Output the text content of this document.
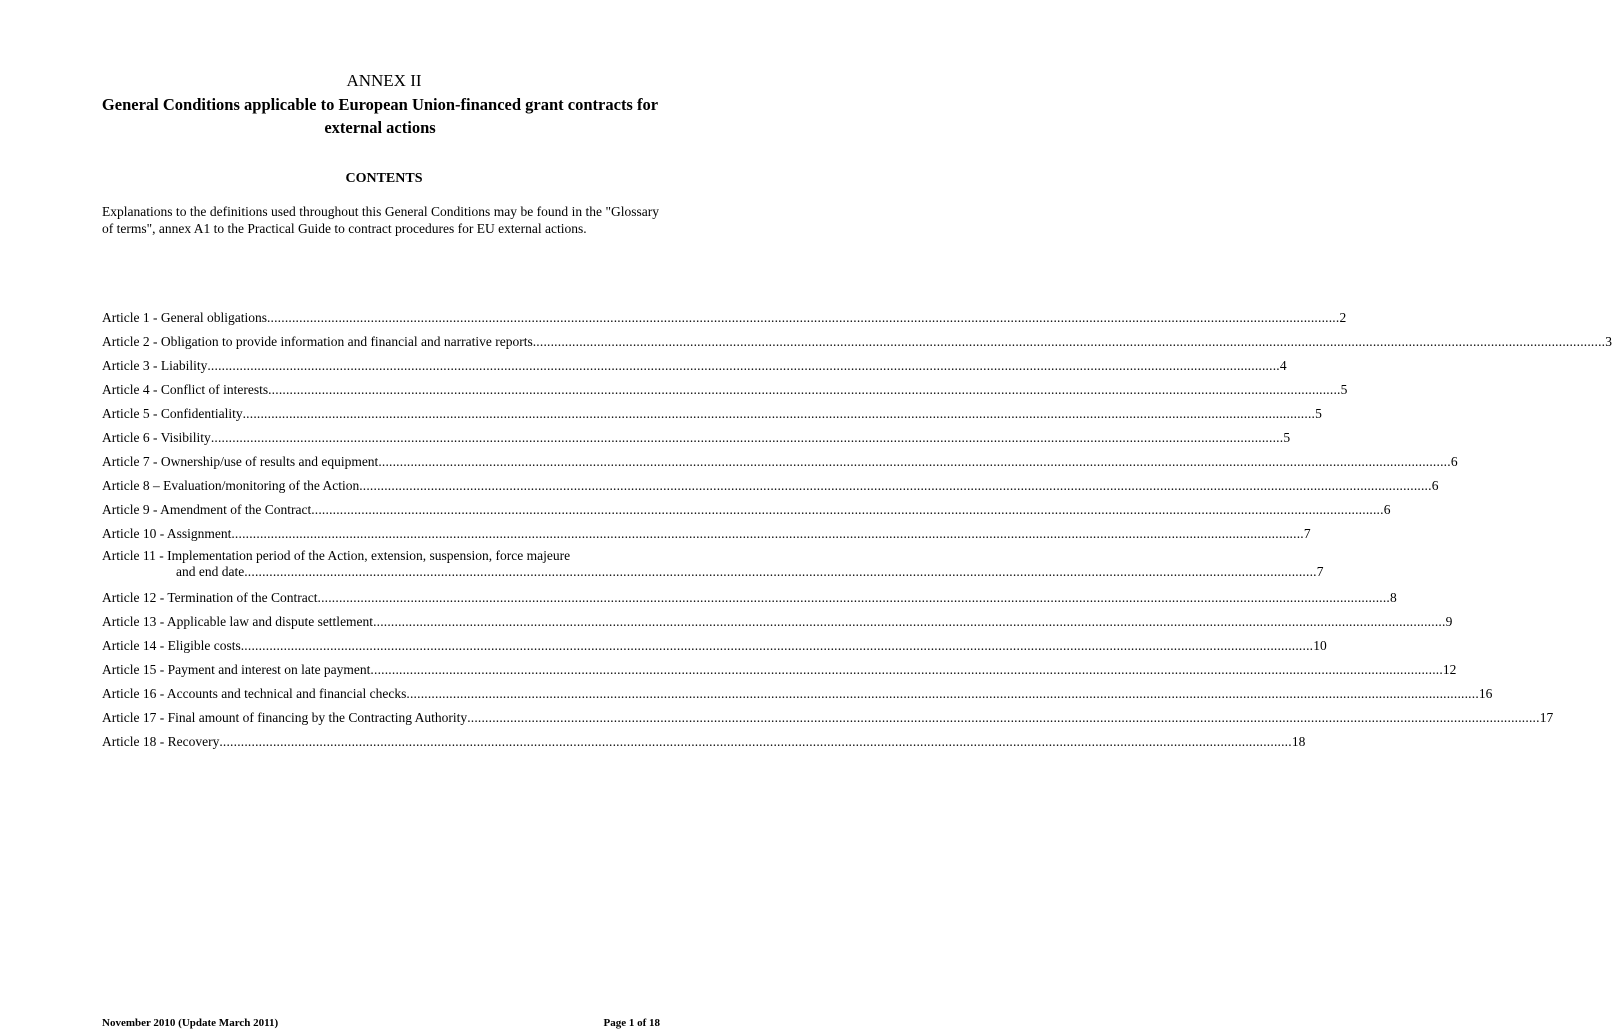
ANNEX II
General Conditions applicable to European Union-financed grant contracts for external actions
CONTENTS
Explanations to the definitions used throughout this General Conditions may be found in the "Glossary of terms", annex A1 to the Practical Guide to contract procedures for EU external actions.
Article 1 - General obligations ............................................................................................................................................................................................................................................................................................................ 2
Article 2 - Obligation to provide information and financial and narrative reports ............................................................................................................................................................................................................................................................................................................ 3
Article 3 - Liability ............................................................................................................................................................................................................................................................................................................ 4
Article 4 - Conflict of interests ............................................................................................................................................................................................................................................................................................................ 5
Article 5 - Confidentiality ............................................................................................................................................................................................................................................................................................................ 5
Article 6 - Visibility ............................................................................................................................................................................................................................................................................................................ 5
Article 7 - Ownership/use of results and equipment ............................................................................................................................................................................................................................................................................................................ 6
Article 8 – Evaluation/monitoring of the Action ............................................................................................................................................................................................................................................................................................................ 6
Article 9 - Amendment of the Contract ............................................................................................................................................................................................................................................................................................................ 6
Article 10 - Assignment ............................................................................................................................................................................................................................................................................................................ 7
Article 11 - Implementation period of the Action, extension, suspension, force majeure
and end date ............................................................................................................................................................................................................................................................................................................ 7
Article 12 - Termination of the Contract ............................................................................................................................................................................................................................................................................................................ 8
Article 13 - Applicable law and dispute settlement ............................................................................................................................................................................................................................................................................................................ 9
Article 14 - Eligible costs ............................................................................................................................................................................................................................................................................................................ 10
Article 15 - Payment and interest on late payment ............................................................................................................................................................................................................................................................................................................ 12
Article 16 - Accounts and technical and financial checks ............................................................................................................................................................................................................................................................................................................ 16
Article 17 - Final amount of financing by the Contracting Authority ............................................................................................................................................................................................................................................................................................................ 17
Article 18 - Recovery ............................................................................................................................................................................................................................................................................................................ 18
November 2010 (Update March 2011)	Page 1 of 18
